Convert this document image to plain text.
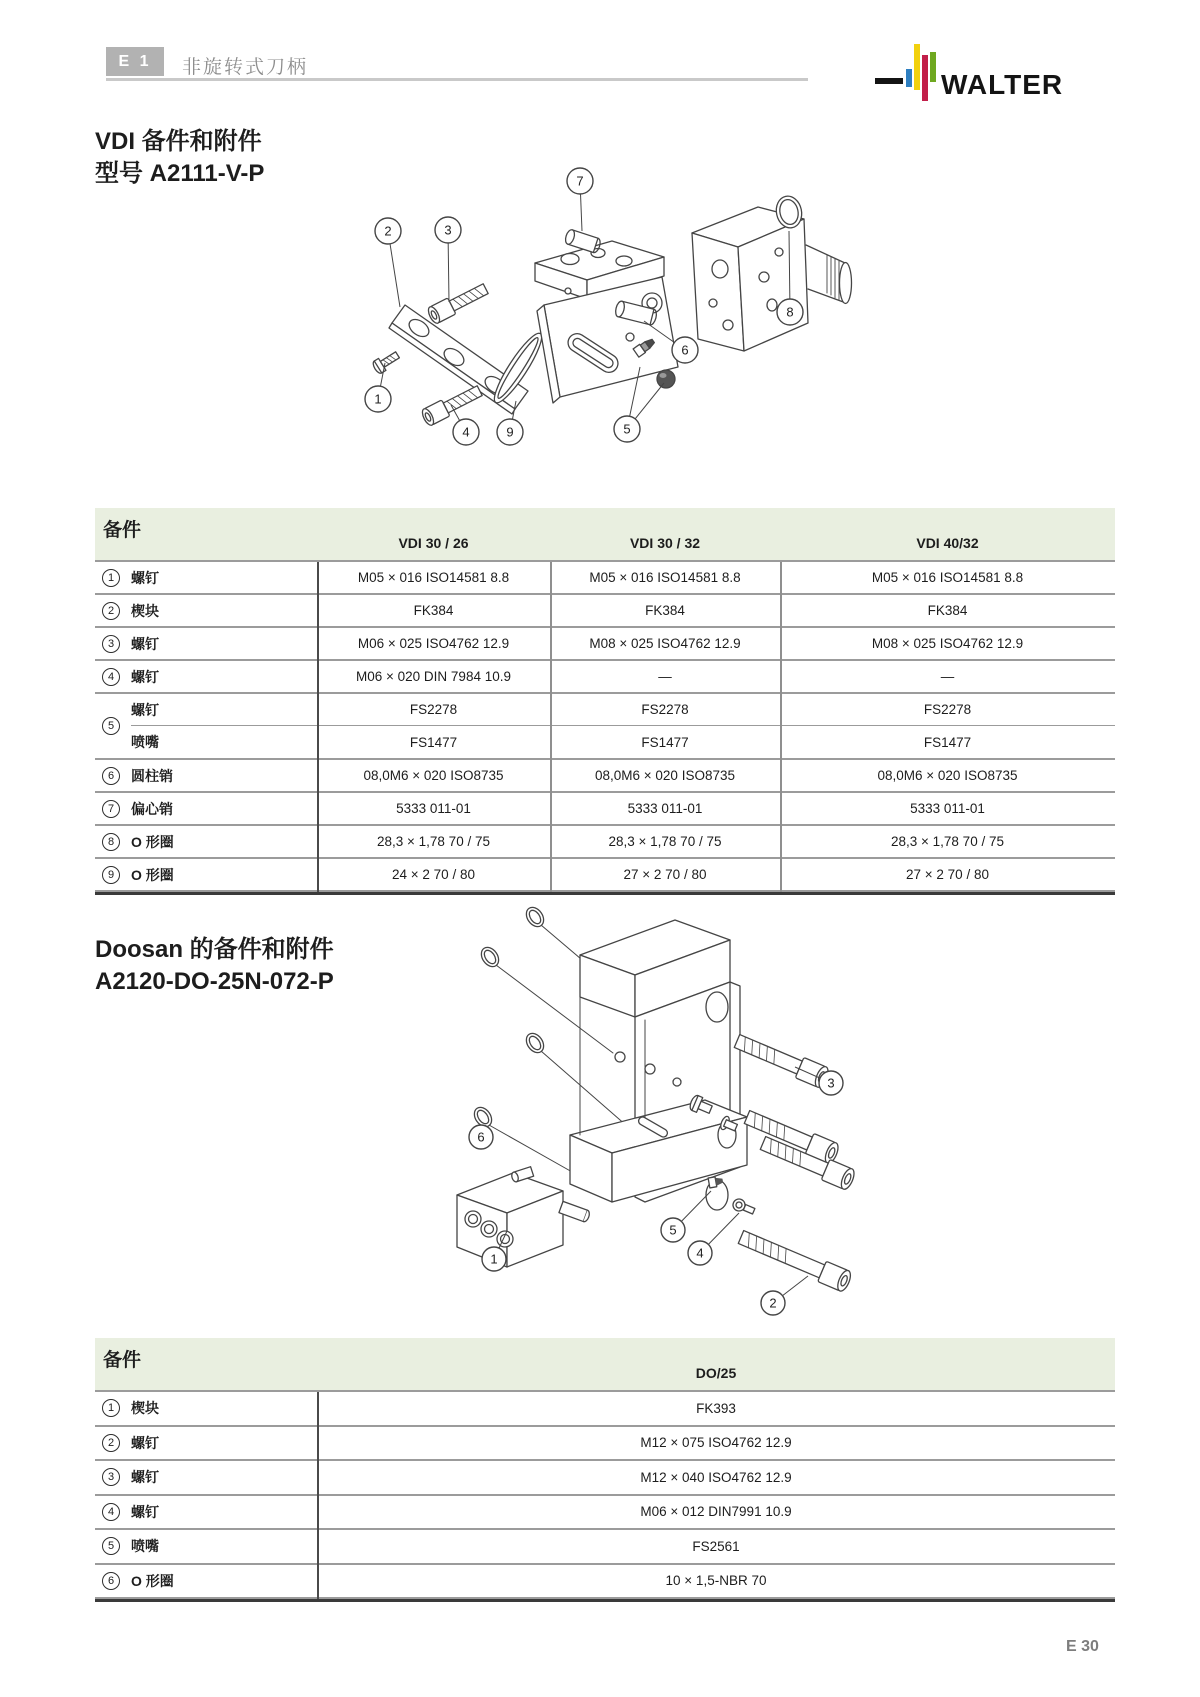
E 1	非旋转式刀柄
WALTER
VDI 备件和附件
型号 A2111-V-P
1
2	3
4	5
6
7
8
9
备件
VDI 30 / 26	VDI 30 / 32	VDI 40/32
1	螺钉	M05 × 016 ISO14581 8.8	M05 × 016 ISO14581 8.8	M05 × 016 ISO14581 8.8
2	楔块	FK384	FK384	FK384
3	螺钉	M06 × 025 ISO4762 12.9	M08 × 025 ISO4762 12.9	M08 × 025 ISO4762 12.9
4	螺钉	M06 × 020 DIN 7984 10.9	—	—
5
螺钉	FS2278	FS2278	FS2278
喷嘴	FS1477	FS1477	FS1477
6	圆柱销	08,0M6 × 020 ISO8735	08,0M6 × 020 ISO8735	08,0M6 × 020 ISO8735
7	偏心销	5333 011-01	5333 011-01	5333 011-01
8	O 形圈	28,3 × 1,78 70 / 75	28,3 × 1,78 70 / 75	28,3 × 1,78 70 / 75
9	O 形圈	24 × 2 70 / 80	27 × 2 70 / 80	27 × 2 70 / 80
Doosan 的备件和附件
A2120-DO-25N-072-P
1
2
3
4
5
6
备件
DO/25
1	楔块	FK393
2	螺钉	M12 × 075 ISO4762 12.9
3	螺钉	M12 × 040 ISO4762 12.9
4	螺钉	M06 × 012 DIN7991 10.9
5	喷嘴	FS2561
6	O 形圈	10 × 1,5-NBR 70
E 30
